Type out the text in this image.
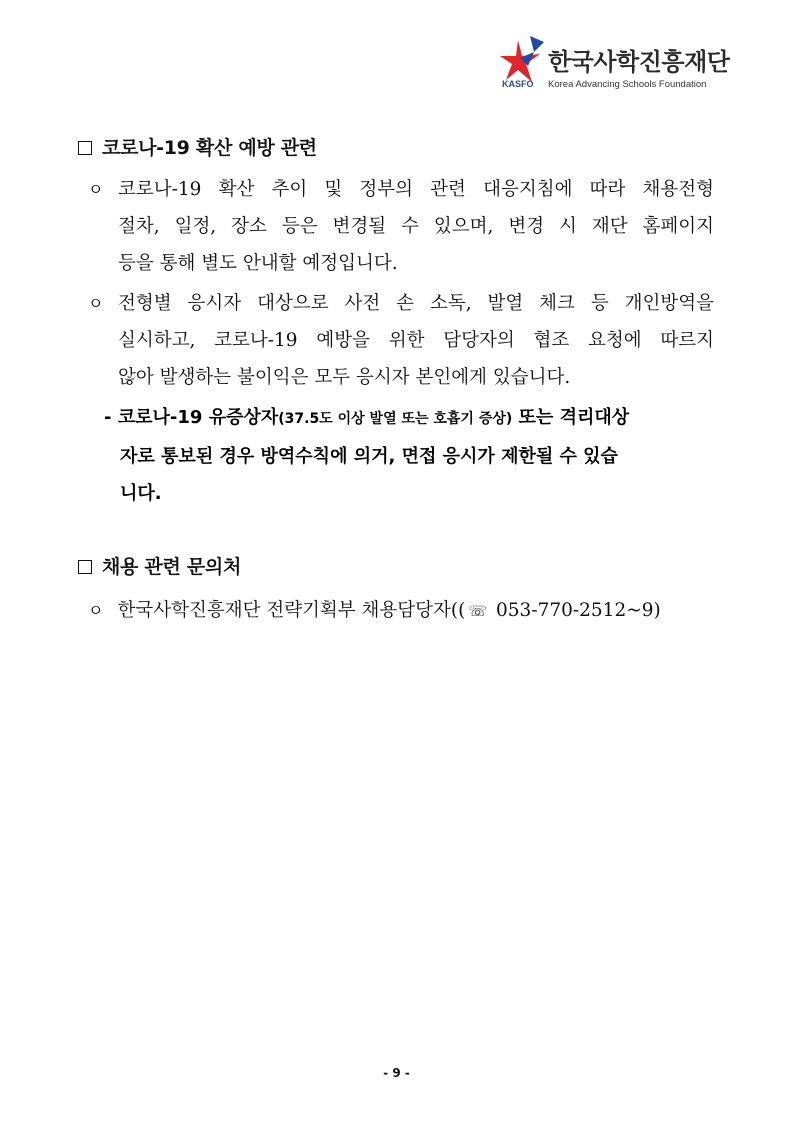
한국사학진흥재단
KASFO Korea Advancing Schools Foundation
코로나-19 확산 예방 관련
ㅇ 코로나-19 확산 추이 및 정부의 관련 대응지침에 따라 채용전형
절차, 일정, 장소 등은 변경될 수 있으며, 변경 시 재단 홈페이지
등을 통해 별도 안내할 예정입니다.
ㅇ 전형별 응시자 대상으로 사전 손 소독, 발열 체크 등 개인방역을
실시하고, 코로나-19 예방을 위한 담당자의 협조 요청에 따르지
않아 발생하는 불이익은 모두 응시자 본인에게 있습니다.
- 코로나-19 유증상자(37.5도 이상 발열 또는 호흡기 증상) 또는 격리대상
자로 통보된 경우 방역수칙에 의거, 면접 응시가 제한될 수 있습
니다.
채용 관련 문의처
ㅇ 한국사학진흥재단 전략기획부 채용담당자(( ☏ 053-770-2512~9)
- 9 -
